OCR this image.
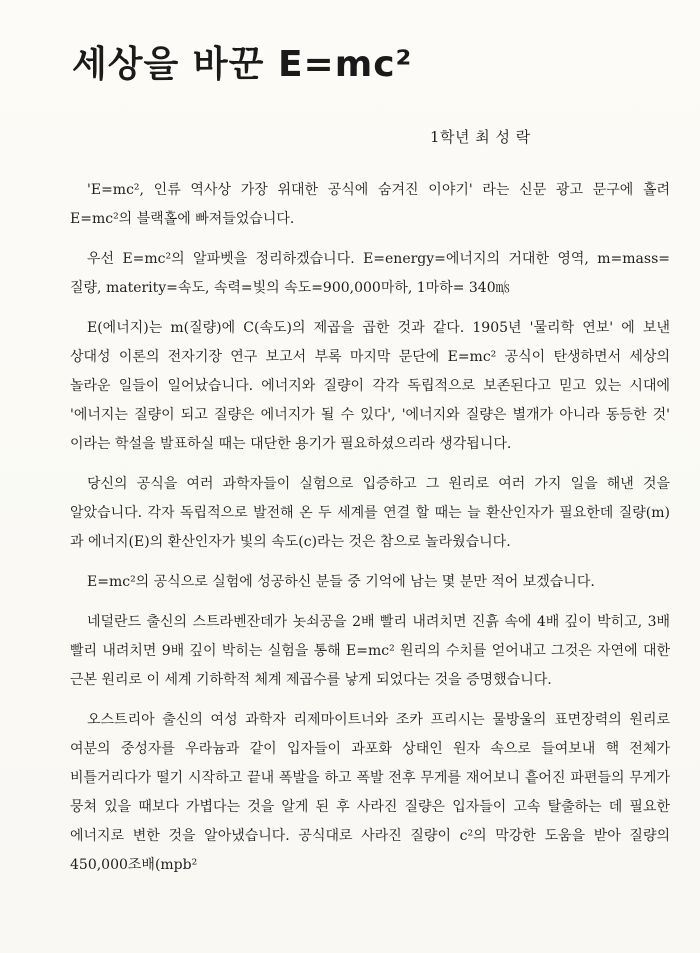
세상을 바꾼 E=mc²
1학년 최 성 락

'E=mc², 인류 역사상 가장 위대한 공식에 숨겨진 이야기' 라는 신문 광고 문구에 홀려 E=mc²의 블랙홀에 빠져들었습니다.

우선 E=mc²의 알파벳을 정리하겠습니다. E=energy=에너지의 거대한 영역, m=mass=질량, materity=속도, 속력=빛의 속도=900,000마하, 1마하= 340㎧

E(에너지)는 m(질량)에 C(속도)의 제곱을 곱한 것과 같다. 1905년 '물리학 연보' 에 보낸 상대성 이론의 전자기장 연구 보고서 부록 마지막 문단에 E=mc² 공식이 탄생하면서 세상의 놀라운 일들이 일어났습니다. 에너지와 질량이 각각 독립적으로 보존된다고 믿고 있는 시대에 '에너지는 질량이 되고 질량은 에너지가 될 수 있다', '에너지와 질량은 별개가 아니라 동등한 것' 이라는 학설을 발표하실 때는 대단한 용기가 필요하셨으리라 생각됩니다.

당신의 공식을 여러 과학자들이 실험으로 입증하고 그 원리로 여러 가지 일을 해낸 것을 알았습니다. 각자 독립적으로 발전해 온 두 세계를 연결 할 때는 늘 환산인자가 필요한데 질량(m)과 에너지(E)의 환산인자가 빛의 속도(c)라는 것은 참으로 놀라웠습니다.

E=mc²의 공식으로 실험에 성공하신 분들 중 기억에 남는 몇 분만 적어 보겠습니다.

네덜란드 출신의 스트라벤잔데가 놋쇠공을 2배 빨리 내려치면 진흙 속에 4배 깊이 박히고, 3배 빨리 내려치면 9배 깊이 박히는 실험을 통해 E=mc² 원리의 수치를 얻어내고 그것은 자연에 대한 근본 원리로 이 세계 기하학적 체계 제곱수를 낳게 되었다는 것을 증명했습니다.

오스트리아 출신의 여성 과학자 리제마이트너와 조카 프리시는 물방울의 표면장력의 원리로 여분의 중성자를 우라늄과 같이 입자들이 과포화 상태인 원자 속으로 들여보내 핵 전체가 비틀거리다가 떨기 시작하고 끝내 폭발을 하고 폭발 전후 무게를 재어보니 흩어진 파편들의 무게가 뭉쳐 있을 때보다 가볍다는 것을 알게 된 후 사라진 질량은 입자들이 고속 탈출하는 데 필요한 에너지로 변한 것을 알아냈습니다. 공식대로 사라진 질량이 c²의 막강한 도움을 받아 질량의 450,000조배(mpb²
